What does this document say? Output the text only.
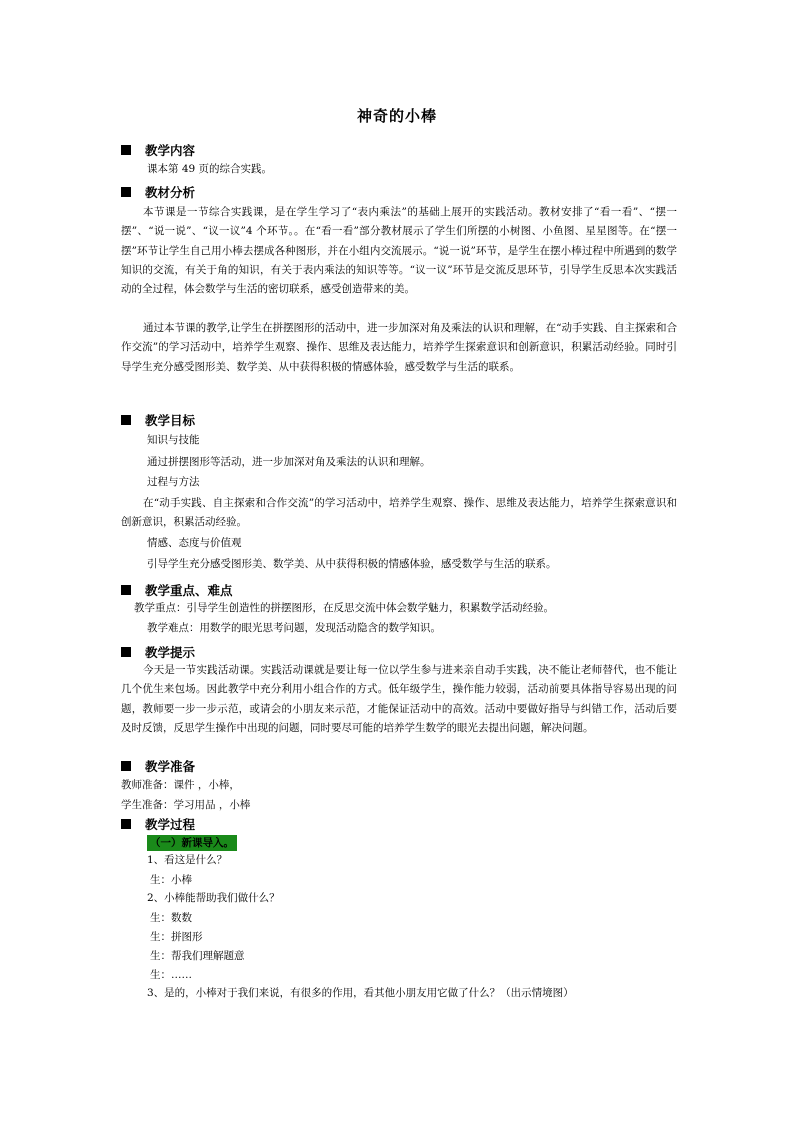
神奇的小棒
教学内容
课本第 49 页的综合实践。
教材分析

本节课是一节综合实践课，是在学生学习了“表内乘法”的基础上展开的实践活动。教材安排了“看一看”、“摆一摆”、“说一说”、“议一议”4 个环节。。在“看一看”部分教材展示了学生们所摆的小树图、小鱼图、星星图等。在“摆一摆”环节让学生自己用小棒去摆成各种图形，并在小组内交流展示。“说一说”环节，是学生在摆小棒过程中所遇到的数学知识的交流，有关于角的知识，有关于表内乘法的知识等等。“议一议”环节是交流反思环节，引导学生反思本次实践活动的全过程，体会数学与生活的密切联系，感受创造带来的美。

通过本节课的教学,让学生在拼摆图形的活动中，进一步加深对角及乘法的认识和理解，在“动手实践、自主探索和合作交流”的学习活动中，培养学生观察、操作、思维及表达能力，培养学生探索意识和创新意识，积累活动经验。同时引导学生充分感受图形美、数学美、从中获得积极的情感体验，感受数学与生活的联系。

教学目标
知识与技能
通过拼摆图形等活动，进一步加深对角及乘法的认识和理解。
过程与方法

在“动手实践、自主探索和合作交流”的学习活动中，培养学生观察、操作、思维及表达能力，培养学生探索意识和创新意识，积累活动经验。

情感、态度与价值观
引导学生充分感受图形美、数学美、从中获得积极的情感体验，感受数学与生活的联系。
教学重点、难点
教学重点：引导学生创造性的拼摆图形，在反思交流中体会数学魅力，积累数学活动经验。
教学难点：用数学的眼光思考问题，发现活动隐含的数学知识。
教学提示

今天是一节实践活动课。实践活动课就是要让每一位以学生参与进来亲自动手实践，决不能让老师替代，也不能让几个优生来包场。因此教学中充分利用小组合作的方式。低年级学生，操作能力较弱，活动前要具体指导容易出现的问题，教师要一步一步示范，或请会的小朋友来示范，才能保证活动中的高效。活动中要做好指导与纠错工作，活动后要及时反馈，反思学生操作中出现的问题，同时要尽可能的培养学生数学的眼光去提出问题，解决问题。

教学准备
教师准备：课件 ，小棒，
学生准备：学习用品 ，小棒
教学过程
（一）新课导入。
1、看这是什么？
生：小棒
2、小棒能帮助我们做什么？
生：数数
生：拼图形
生：帮我们理解题意
生：……

3、是的，小棒对于我们来说，有很多的作用，看其他小朋友用它做了什么？（出示情境图）
